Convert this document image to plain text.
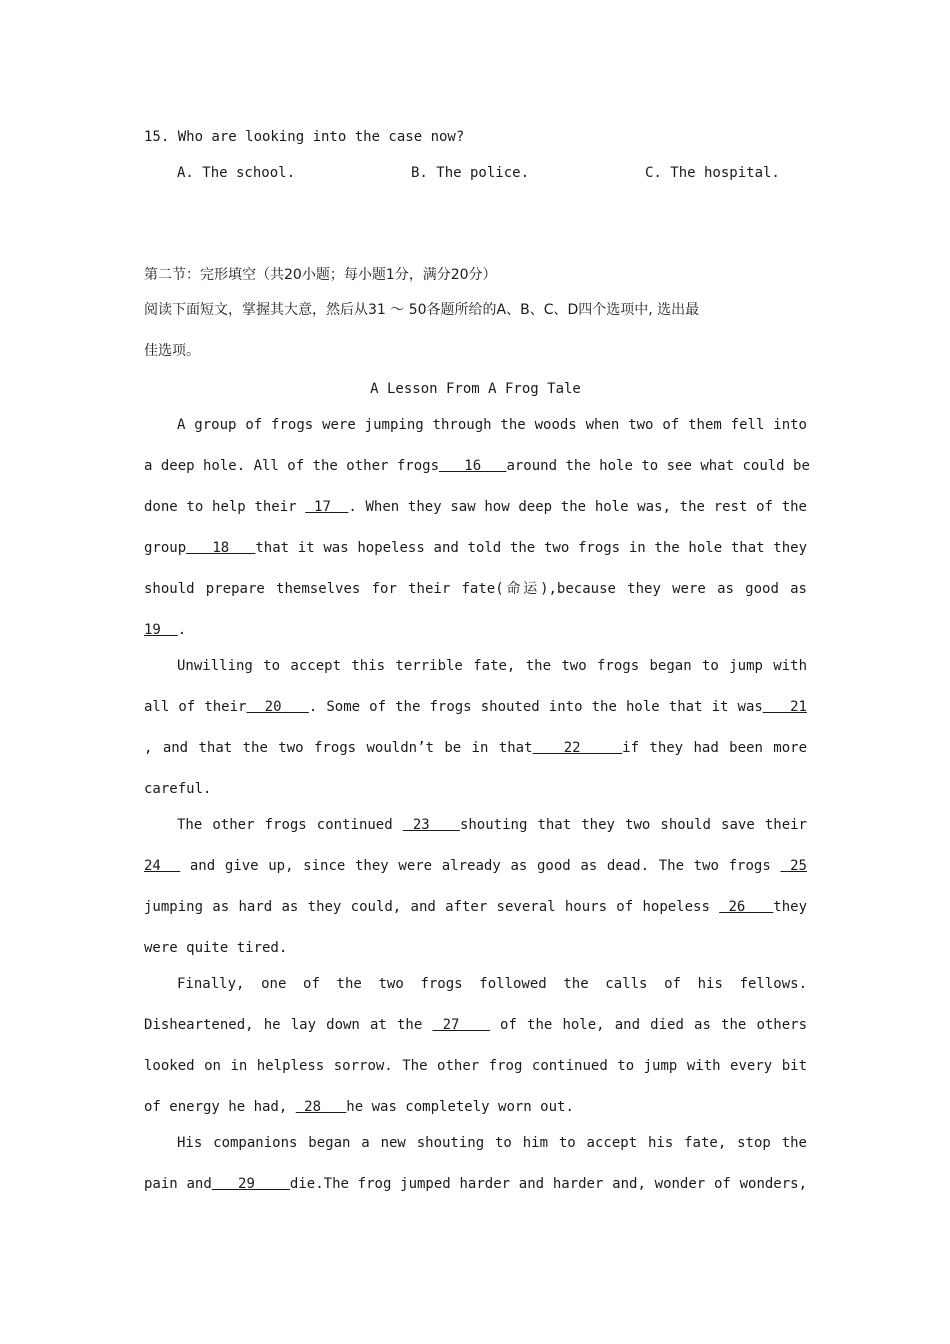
15. Who are looking into the case now?
A. The school.	B. The police.	C. The hospital.
第二节：完形填空（共20小题；每小题1分，满分20分）
阅读下面短文，掌握其大意，然后从31 ～ 50各题所给的A、B、C、D四个选项中, 选出最
佳选项。
A Lesson From A Frog Tale
A group of frogs were jumping through the woods when two of them fell into
a deep hole. All of the other frogs   16   around the hole to see what could be
done to help their  17  . When they saw how deep the hole was, the rest of the
group   18   that it was hopeless and told the two frogs in the hole that they
should prepare themselves for their fate(命运),because they were as good as
19  .
Unwilling to accept this terrible fate, the two frogs began to jump with
all of their  20   . Some of the frogs shouted into the hole that it was   21
, and that the two frogs wouldn’t be in that   22    if they had been more
careful.
The other frogs continued  23   shouting that they two should save their
24   and give up, since they were already as good as dead. The two frogs  25
jumping as hard as they could, and after several hours of hopeless  26   they
were quite tired.
Finally, one of the two frogs followed the calls of his fellows.
Disheartened, he lay down at the  27    of the hole, and died as the others
looked on in helpless sorrow. The other frog continued to jump with every bit
of energy he had,  28   he was completely worn out.
His companions began a new shouting to him to accept his fate, stop the
pain and   29    die.The frog jumped harder and harder and, wonder of wonders,
